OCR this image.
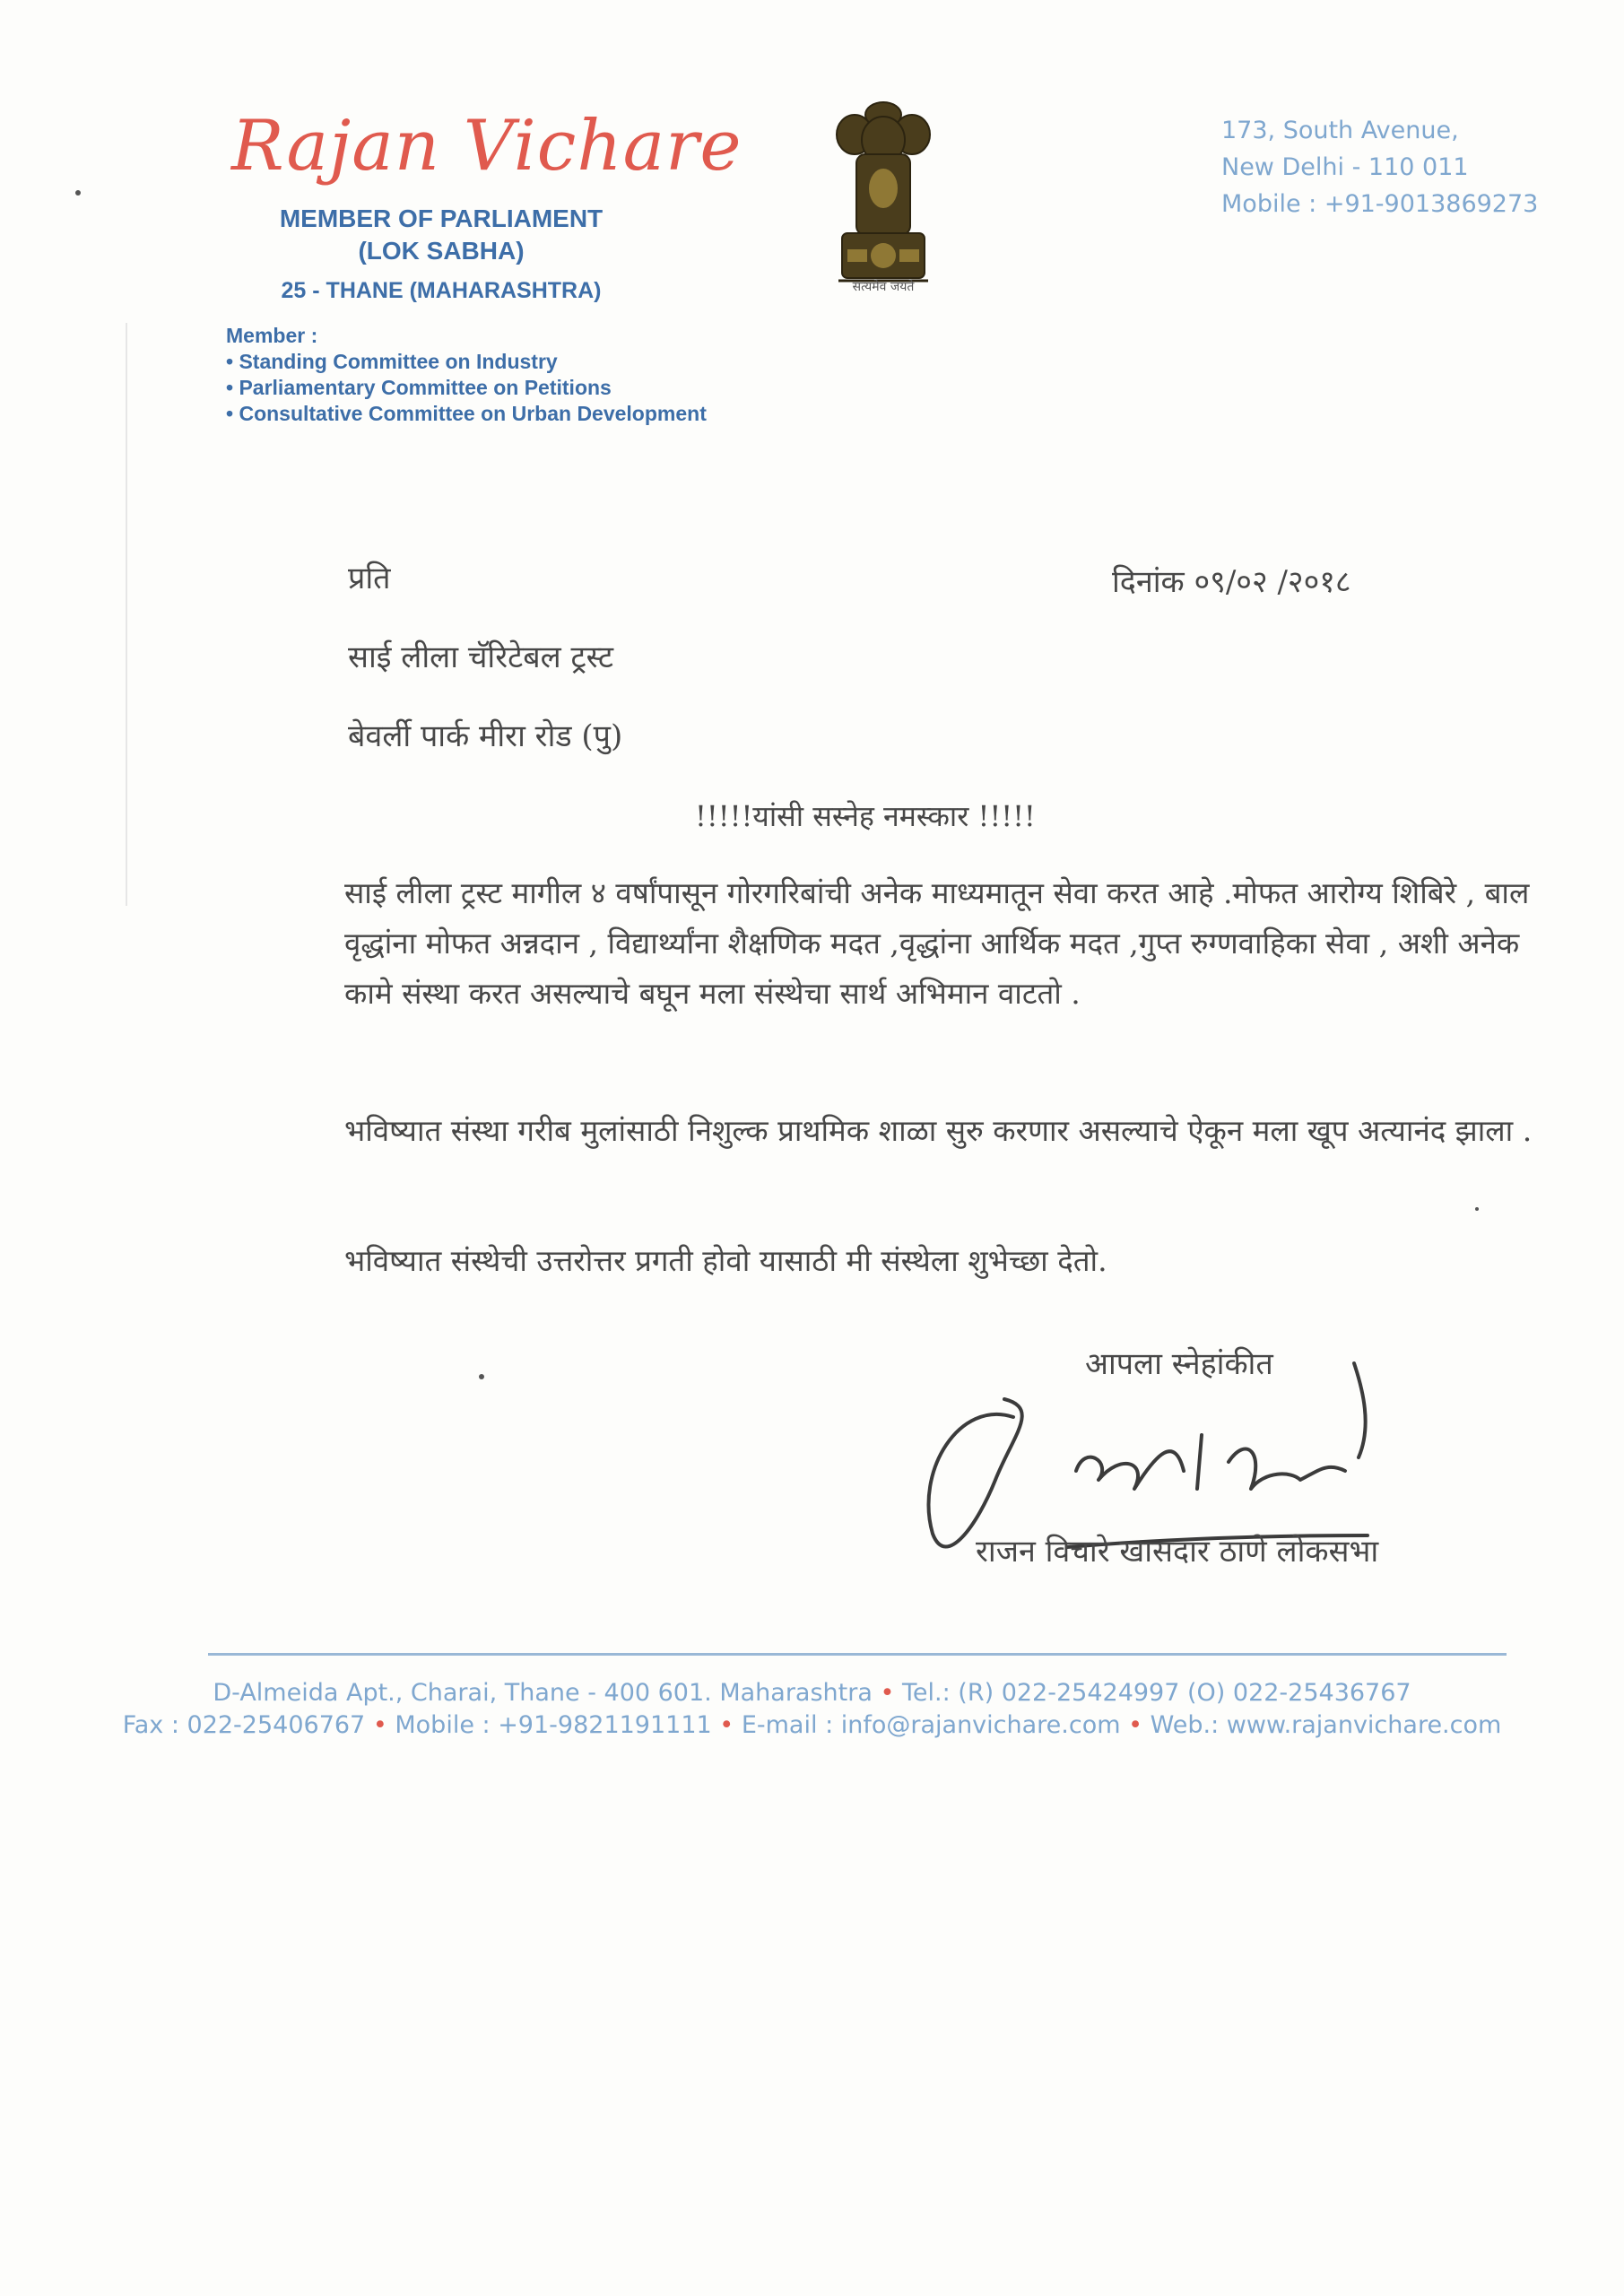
Rajan Vichare
MEMBER OF PARLIAMENT
(LOK SABHA)
25 - THANE (MAHARASHTRA)
Member :
• Standing Committee on Industry
• Parliamentary Committee on Petitions
• Consultative Committee on Urban Development
सत्यमेव जयते
173, South Avenue,
New Delhi - 110 011
Mobile : +91-9013869273
प्रति	दिनांक ०९/०२ /२०१८
साई लीला चॅरिटेबल ट्रस्ट
बेवर्ली पार्क मीरा रोड (पु)
!!!!!यांसी सस्नेह नमस्कार !!!!!
साई लीला ट्रस्ट मागील ४ वर्षांपासून गोरगरिबांची अनेक माध्यमातून सेवा करत आहे .मोफत आरोग्य शिबिरे , बाल वृद्धांना मोफत अन्नदान , विद्यार्थ्यांना शैक्षणिक मदत ,वृद्धांना आर्थिक मदत ,गुप्त रुग्णवाहिका सेवा , अशी अनेक कामे संस्था करत असल्याचे बघून मला संस्थेचा सार्थ अभिमान वाटतो .
भविष्यात संस्था गरीब मुलांसाठी निशुल्क प्राथमिक शाळा सुरु करणार असल्याचे ऐकून मला खूप अत्यानंद झाला .
भविष्यात संस्थेची उत्तरोत्तर प्रगती होवो यासाठी मी संस्थेला शुभेच्छा देतो.
आपला स्नेहांकीत
राजन विचारे खासदार ठाणे लोकसभा
D-Almeida Apt., Charai, Thane - 400 601. Maharashtra • Tel.: (R) 022-25424997 (O) 022-25436767
Fax : 022-25406767 • Mobile : +91-9821191111 • E-mail : info@rajanvichare.com • Web.: www.rajanvichare.com
